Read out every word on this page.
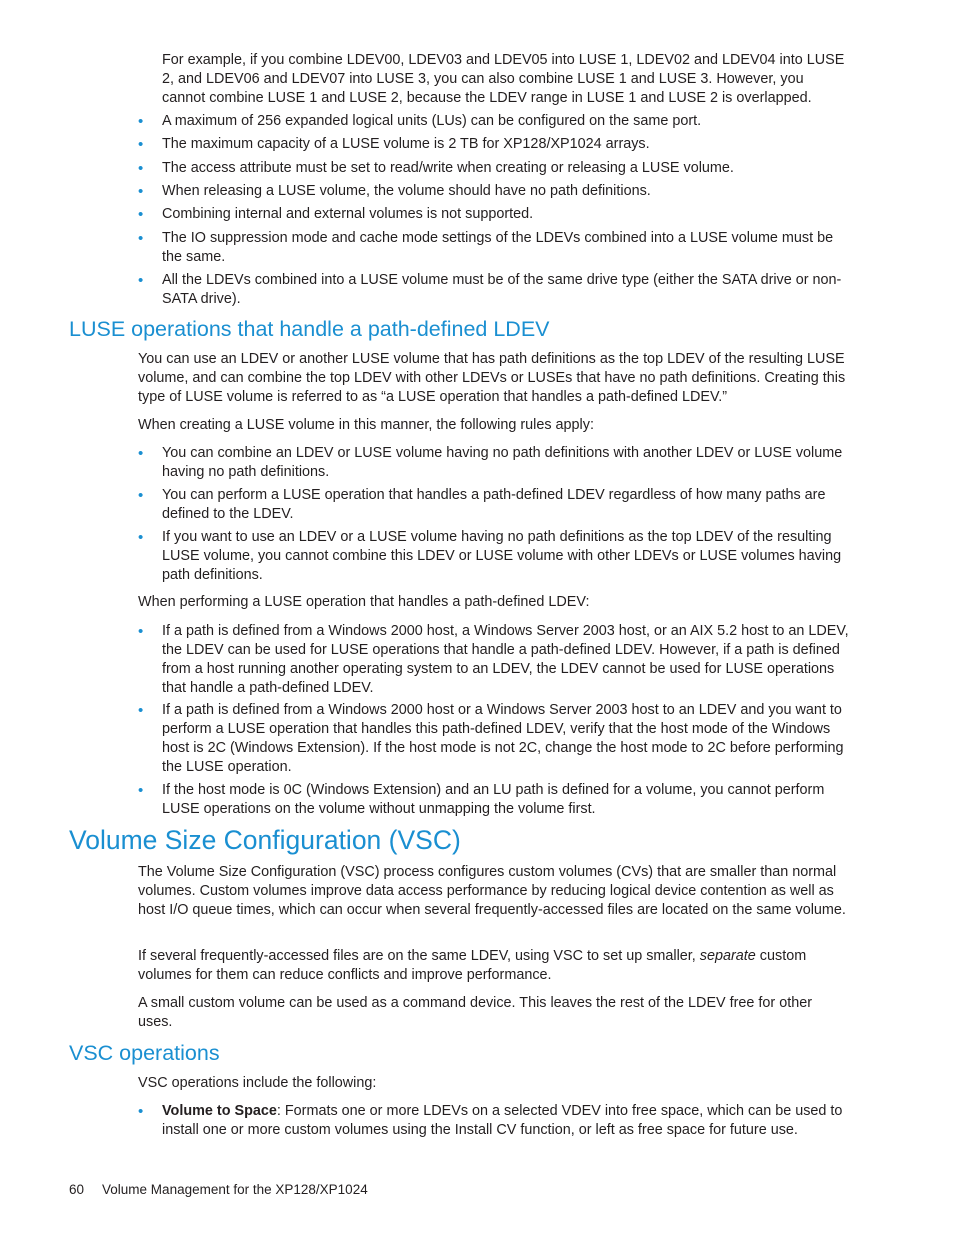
For example, if you combine LDEV00, LDEV03 and LDEV05 into LUSE 1, LDEV02 and LDEV04 into LUSE 2, and LDEV06 and LDEV07 into LUSE 3, you can also combine LUSE 1 and LUSE 3. However, you cannot combine LUSE 1 and LUSE 2, because the LDEV range in LUSE 1 and LUSE 2 is overlapped.

• A maximum of 256 expanded logical units (LUs) can be configured on the same port.
• The maximum capacity of a LUSE volume is 2 TB for XP128/XP1024 arrays.
• The access attribute must be set to read/write when creating or releasing a LUSE volume.
• When releasing a LUSE volume, the volume should have no path definitions.
• Combining internal and external volumes is not supported.
• The IO suppression mode and cache mode settings of the LDEVs combined into a LUSE volume must be the same.
• All the LDEVs combined into a LUSE volume must be of the same drive type (either the SATA drive or non-SATA drive).
LUSE operations that handle a path-defined LDEV

You can use an LDEV or another LUSE volume that has path definitions as the top LDEV of the resulting LUSE volume, and can combine the top LDEV with other LDEVs or LUSEs that have no path definitions. Creating this type of LUSE volume is referred to as “a LUSE operation that handles a path-defined LDEV.”

When creating a LUSE volume in this manner, the following rules apply:

• You can combine an LDEV or LUSE volume having no path definitions with another LDEV or LUSE volume having no path definitions.
• You can perform a LUSE operation that handles a path-defined LDEV regardless of how many paths are defined to the LDEV.
• If you want to use an LDEV or a LUSE volume having no path definitions as the top LDEV of the resulting LUSE volume, you cannot combine this LDEV or LUSE volume with other LDEVs or LUSE volumes having path definitions.

When performing a LUSE operation that handles a path-defined LDEV:

• If a path is defined from a Windows 2000 host, a Windows Server 2003 host, or an AIX 5.2 host to an LDEV, the LDEV can be used for LUSE operations that handle a path-defined LDEV. However, if a path is defined from a host running another operating system to an LDEV, the LDEV cannot be used for LUSE operations that handle a path-defined LDEV.
• If a path is defined from a Windows 2000 host or a Windows Server 2003 host to an LDEV and you want to perform a LUSE operation that handles this path-defined LDEV, verify that the host mode of the Windows host is 2C (Windows Extension). If the host mode is not 2C, change the host mode to 2C before performing the LUSE operation.
• If the host mode is 0C (Windows Extension) and an LU path is defined for a volume, you cannot perform LUSE operations on the volume without unmapping the volume first.
Volume Size Configuration (VSC)

The Volume Size Configuration (VSC) process configures custom volumes (CVs) that are smaller than normal volumes. Custom volumes improve data access performance by reducing logical device contention as well as host I/O queue times, which can occur when several frequently-accessed files are located on the same volume.

If several frequently-accessed files are on the same LDEV, using VSC to set up smaller, separate custom volumes for them can reduce conflicts and improve performance.

A small custom volume can be used as a command device. This leaves the rest of the LDEV free for other uses.

VSC operations

VSC operations include the following:

• Volume to Space: Formats one or more LDEVs on a selected VDEV into free space, which can be used to install one or more custom volumes using the Install CV function, or left as free space for future use.
60 Volume Management for the XP128/XP1024
